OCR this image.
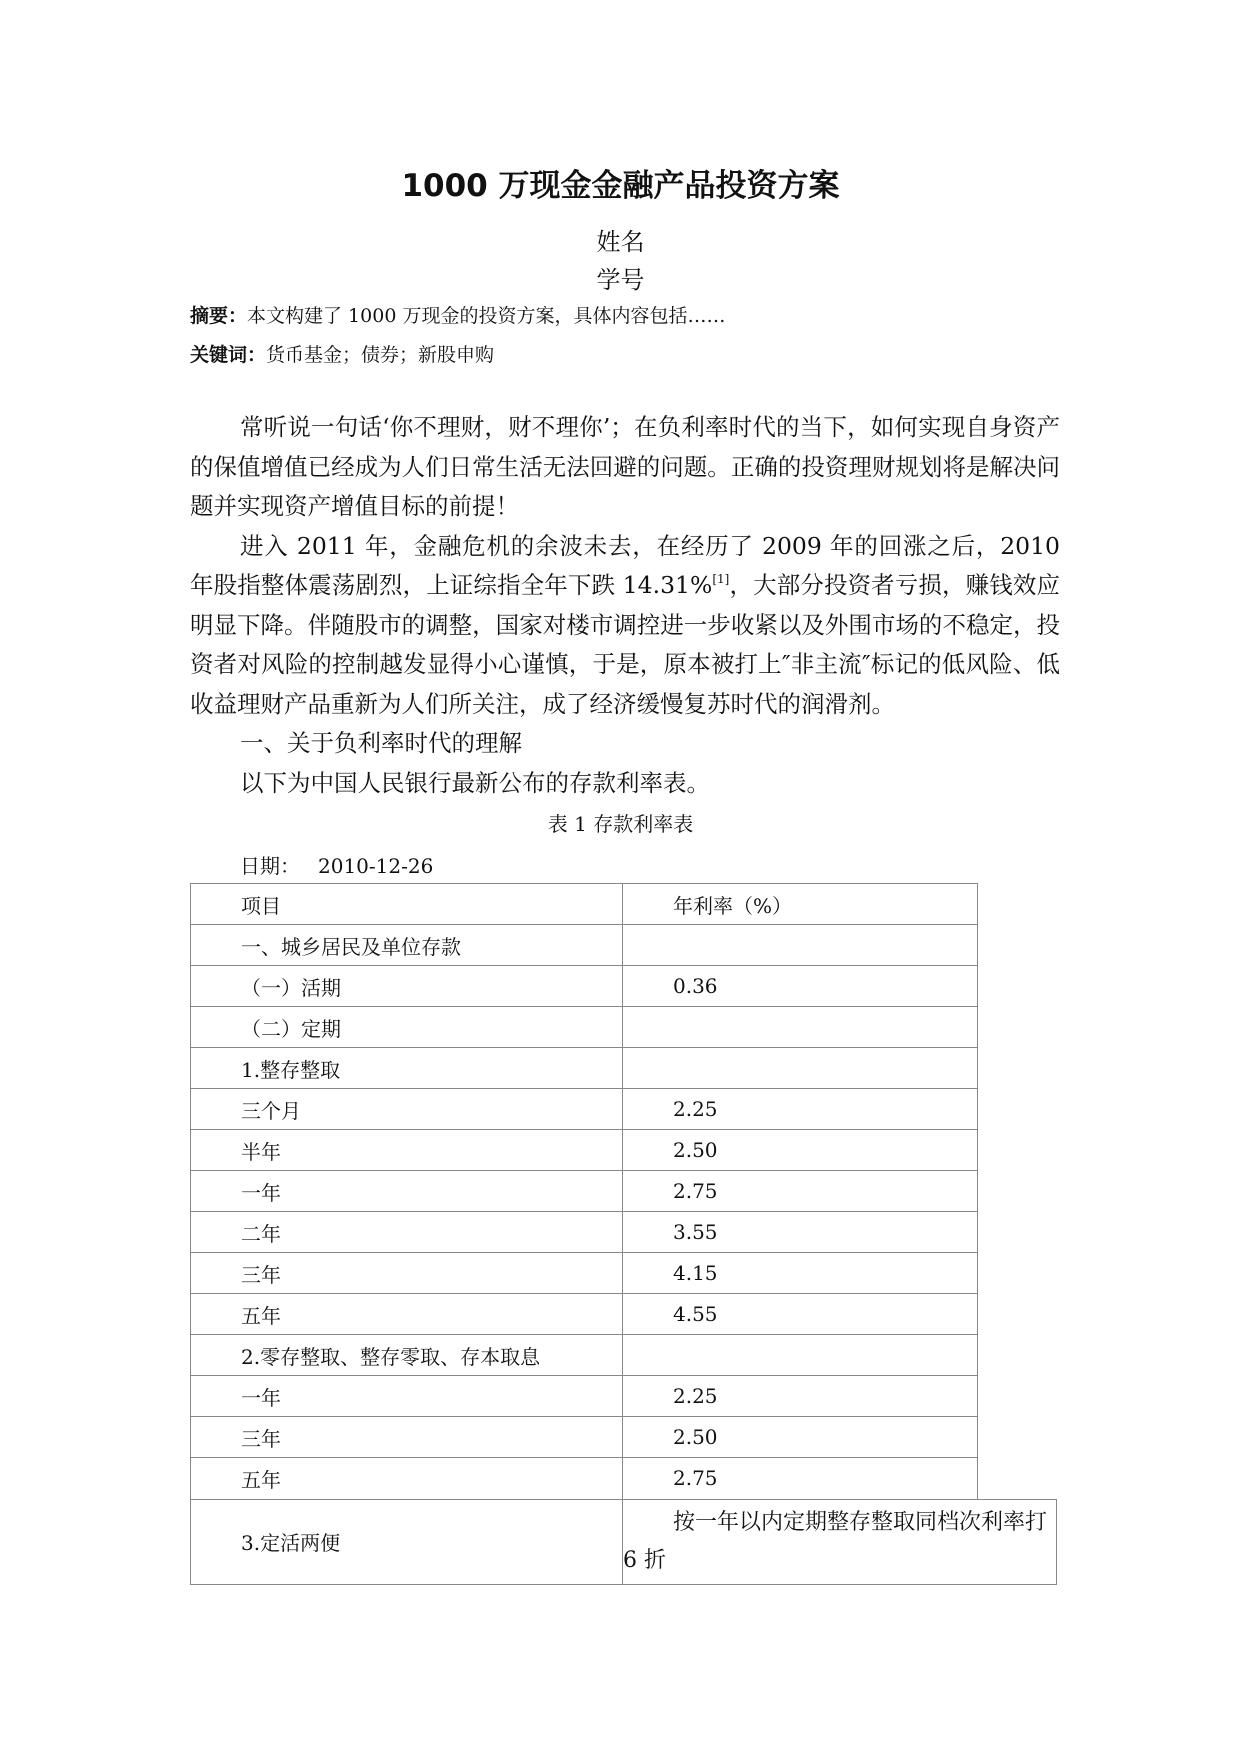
1000 万现金金融产品投资方案
姓名
学号
摘要：本文构建了 1000 万现金的投资方案，具体内容包括……
关键词：货币基金；债券；新股申购

常听说一句话‘你不理财，财不理你’；在负利率时代的当下，如何实现自身资产的保值增值已经成为人们日常生活无法回避的问题。正确的投资理财规划将是解决问题并实现资产增值目标的前提！

进入 2011 年，金融危机的余波未去，在经历了 2009 年的回涨之后，2010 年股指整体震荡剧烈，上证综指全年下跌 14.31%[1]，大部分投资者亏损，赚钱效应明显下降。伴随股市的调整，国家对楼市调控进一步收紧以及外围市场的不稳定，投资者对风险的控制越发显得小心谨慎，于是，原本被打上″非主流″标记的低风险、低收益理财产品重新为人们所关注，成了经济缓慢复苏时代的润滑剂。

一、关于负利率时代的理解

以下为中国人民银行最新公布的存款利率表。

表 1 存款利率表
日期： 2010-12-26
项目	年利率（%）	
一、城乡居民及单位存款		
（一）活期	0.36	
（二）定期		
1.整存整取		
三个月	2.25	
半年	2.50	
一年	2.75	
二年	3.55	
三年	4.15	
五年	4.55	
2.零存整取、整存零取、存本取息		
一年	2.25	
三年	2.50	
五年	2.75	
3.定活两便	按一年以内定期整存整取同档次利率打 6 折	
